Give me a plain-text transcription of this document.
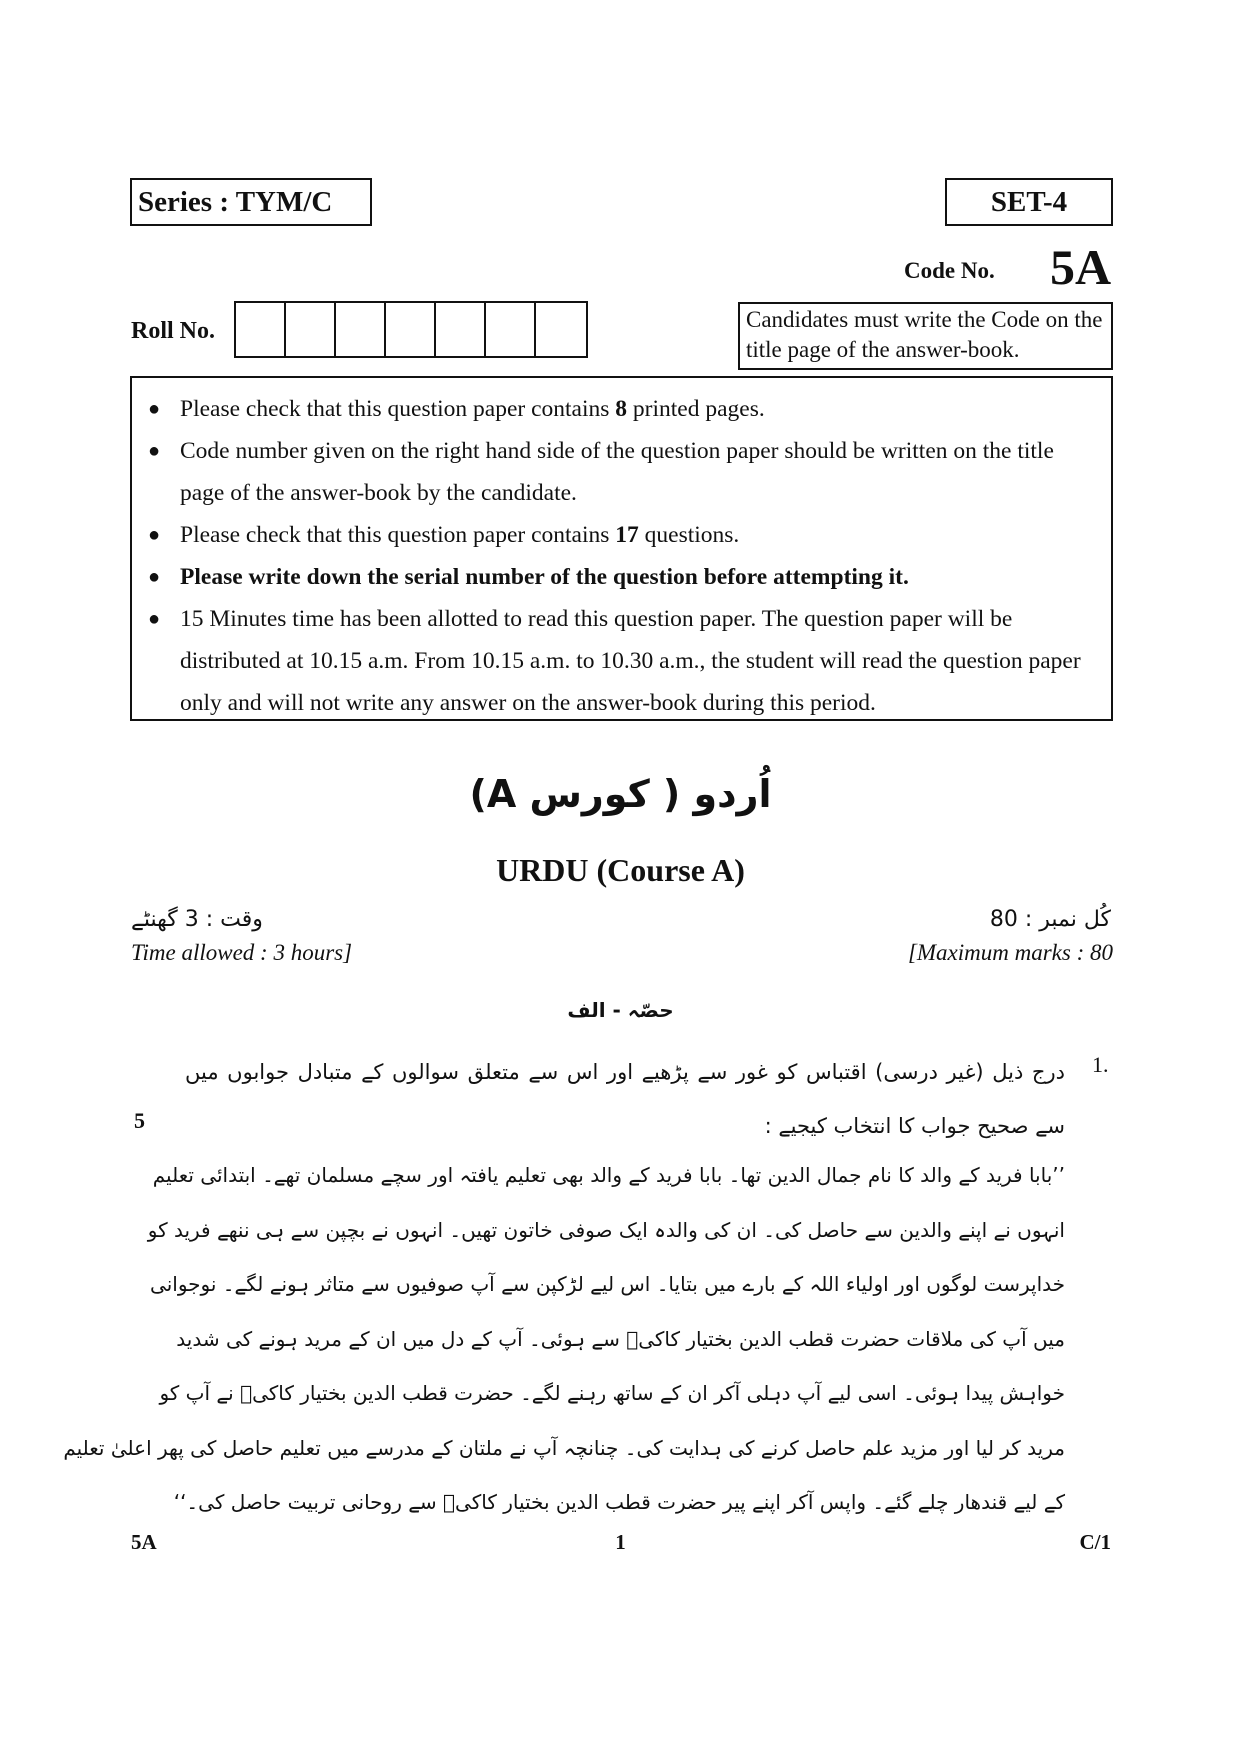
Series : TYM/C	SET-4
Code No. 5A
Roll No.	Candidates must write the Code on the title page of the answer-book.
● Please check that this question paper contains 8 printed pages.
● Code number given on the right hand side of the question paper should be written on the title page of the answer-book by the candidate.
● Please check that this question paper contains 17 questions.
● Please write down the serial number of the question before attempting it.
● 15 Minutes time has been allotted to read this question paper. The question paper will be distributed at 10.15 a.m. From 10.15 a.m. to 10.30 a.m., the student will read the question paper only and will not write any answer on the answer-book during this period.
اُردو ( کورس A)
URDU (Course A)
وقت : 3 گھنٹے	کُل نمبر : 80
Time allowed : 3 hours]	[Maximum marks : 80
حصّہ - الف
1.
درج ذیل (غیر درسی) اقتباس کو غور سے پڑھیے اور اس سے متعلق سوالوں کے متبادل جوابوں میں سے صحیح جواب کا انتخاب کیجیے :
5
’’بابا فرید کے والد کا نام جمال الدین تھا۔ بابا فرید کے والد بھی تعلیم یافتہ اور سچے مسلمان تھے۔ ابتدائی تعلیم
انہوں نے اپنے والدین سے حاصل کی۔ ان کی والدہ ایک صوفی خاتون تھیں۔ انہوں نے بچپن سے ہی ننھے فرید کو
خداپرست لوگوں اور اولیاء اللہ کے بارے میں بتایا۔ اس لیے لڑکپن سے آپ صوفیوں سے متاثر ہونے لگے۔ نوجوانی
میں آپ کی ملاقات حضرت قطب الدین بختیار کاکیؒ سے ہوئی۔ آپ کے دل میں ان کے مرید ہونے کی شدید
خواہش پیدا ہوئی۔ اسی لیے آپ دہلی آکر ان کے ساتھ رہنے لگے۔ حضرت قطب الدین بختیار کاکیؒ نے آپ کو
مرید کر لیا اور مزید علم حاصل کرنے کی ہدایت کی۔ چنانچہ آپ نے ملتان کے مدرسے میں تعلیم حاصل کی پھر اعلیٰ تعلیم
کے لیے قندھار چلے گئے۔ واپس آکر اپنے پیر حضرت قطب الدین بختیار کاکیؒ سے روحانی تربیت حاصل کی۔‘‘
5A	1	C/1
